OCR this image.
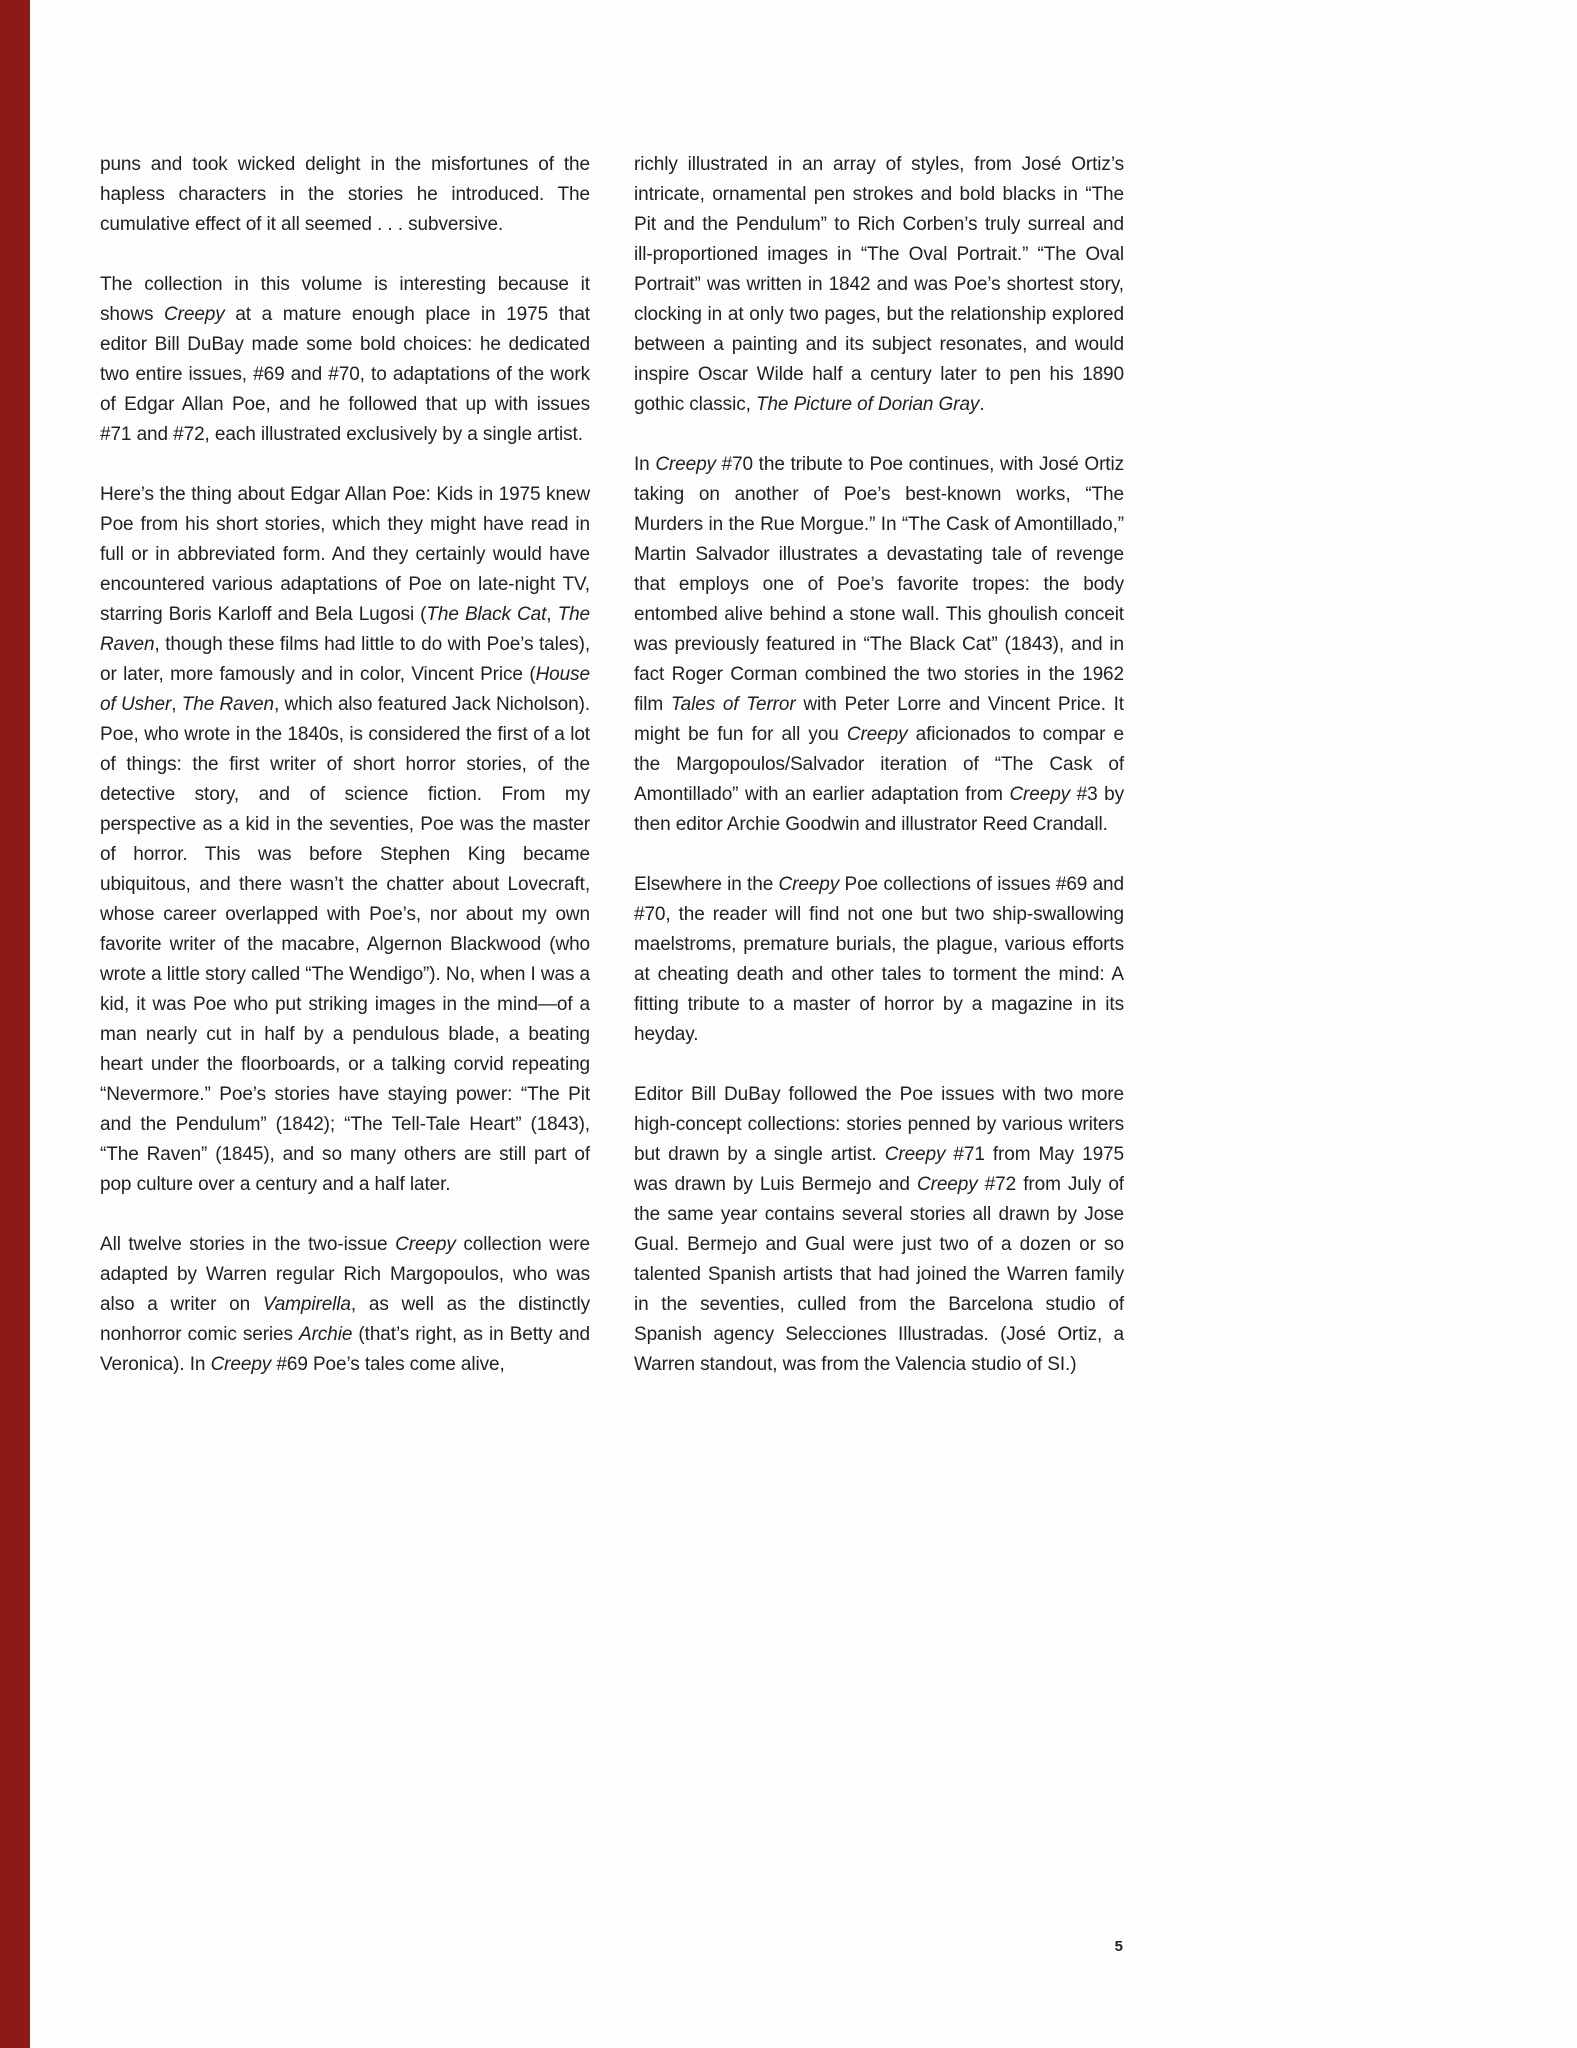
puns and took wicked delight in the misfortunes of the hapless characters in the stories he introduced. The cumulative effect of it all seemed . . . subversive.

The collection in this volume is interesting because it shows Creepy at a mature enough place in 1975 that editor Bill DuBay made some bold choices: he dedicated two entire issues, #69 and #70, to adaptations of the work of Edgar Allan Poe, and he followed that up with issues #71 and #72, each illustrated exclusively by a single artist.

Here’s the thing about Edgar Allan Poe: Kids in 1975 knew Poe from his short stories, which they might have read in full or in abbreviated form. And they certainly would have encountered various adaptations of Poe on late-night TV, starring Boris Karloff and Bela Lugosi (The Black Cat, The Raven, though these films had little to do with Poe’s tales), or later, more famously and in color, Vincent Price (House of Usher, The Raven, which also featured Jack Nicholson). Poe, who wrote in the 1840s, is considered the first of a lot of things: the first writer of short horror stories, of the detective story, and of science fiction. From my perspective as a kid in the seventies, Poe was the master of horror. This was before Stephen King became ubiquitous, and there wasn’t the chatter about Lovecraft, whose career overlapped with Poe’s, nor about my own favorite writer of the macabre, Algernon Blackwood (who wrote a little story called “The Wendigo”). No, when I was a kid, it was Poe who put striking images in the mind—of a man nearly cut in half by a pendulous blade, a beating heart under the floorboards, or a talking corvid repeating “Nevermore.” Poe’s stories have staying power: “The Pit and the Pendulum” (1842); “The Tell-Tale Heart” (1843), “The Raven” (1845), and so many others are still part of pop culture over a century and a half later.

All twelve stories in the two-issue Creepy collection were adapted by Warren regular Rich Margopoulos, who was also a writer on Vampirella, as well as the distinctly nonhorror comic series Archie (that’s right, as in Betty and Veronica). In Creepy #69 Poe’s tales come alive,

richly illustrated in an array of styles, from José Ortiz’s intricate, ornamental pen strokes and bold blacks in “The Pit and the Pendulum” to Rich Corben’s truly surreal and ill-proportioned images in “The Oval Portrait.” “The Oval Portrait” was written in 1842 and was Poe’s shortest story, clocking in at only two pages, but the relationship explored between a painting and its subject resonates, and would inspire Oscar Wilde half a century later to pen his 1890 gothic classic, The Picture of Dorian Gray.

In Creepy #70 the tribute to Poe continues, with José Ortiz taking on another of Poe’s best-known works, “The Murders in the Rue Morgue.” In “The Cask of Amontillado,” Martin Salvador illustrates a devastating tale of revenge that employs one of Poe’s favorite tropes: the body entombed alive behind a stone wall. This ghoulish conceit was previously featured in “The Black Cat” (1843), and in fact Roger Corman combined the two stories in the 1962 film Tales of Terror with Peter Lorre and Vincent Price. It might be fun for all you Creepy aficionados to compar e the Margopoulos/Salvador iteration of “The Cask of Amontillado” with an earlier adaptation from Creepy #3 by then editor Archie Goodwin and illustrator Reed Crandall.

Elsewhere in the Creepy Poe collections of issues #69 and #70, the reader will find not one but two ship-swallowing maelstroms, premature burials, the plague, various efforts at cheating death and other tales to torment the mind: A fitting tribute to a master of horror by a magazine in its heyday.

Editor Bill DuBay followed the Poe issues with two more high-concept collections: stories penned by various writers but drawn by a single artist. Creepy #71 from May 1975 was drawn by Luis Bermejo and Creepy #72 from July of the same year contains several stories all drawn by Jose Gual. Bermejo and Gual were just two of a dozen or so talented Spanish artists that had joined the Warren family in the seventies, culled from the Barcelona studio of Spanish agency Selecciones Illustradas. (José Ortiz, a Warren standout, was from the Valencia studio of SI.)

5
